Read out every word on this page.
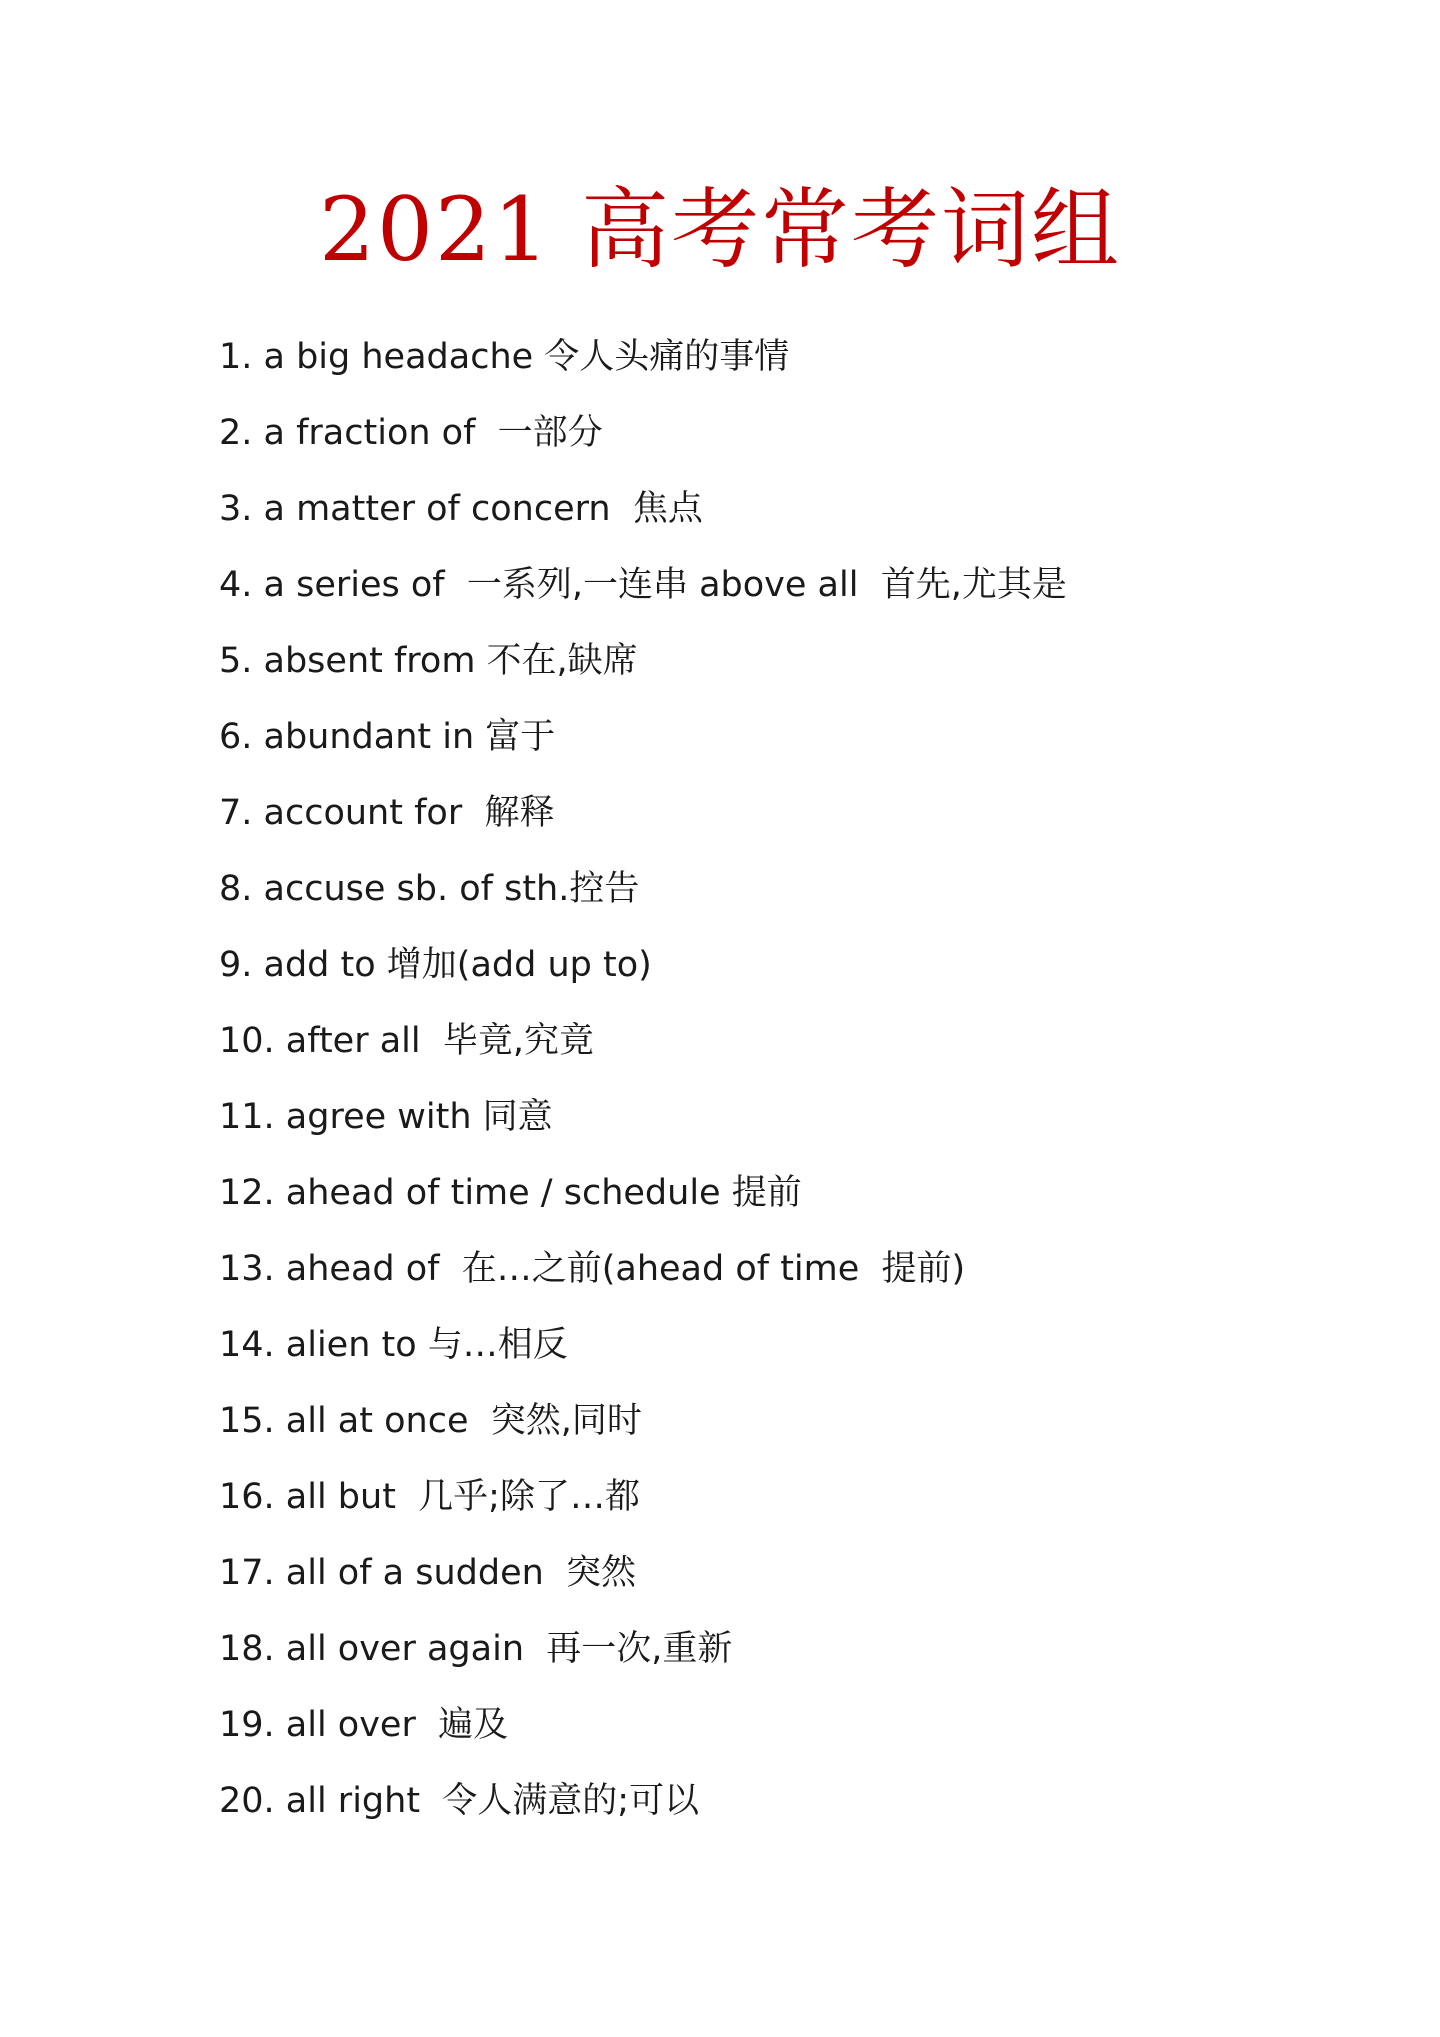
2021 高考常考词组
1. a big headache 令人头痛的事情
2. a fraction of  一部分
3. a matter of concern  焦点
4. a series of  一系列,一连串 above all  首先,尤其是
5. absent from 不在,缺席
6. abundant in 富于
7. account for  解释
8. accuse sb. of sth.控告
9. add to 增加(add up to)
10. after all  毕竟,究竟
11. agree with 同意
12. ahead of time / schedule 提前
13. ahead of  在…之前(ahead of time  提前)
14. alien to 与…相反
15. all at once  突然,同时
16. all but  几乎;除了…都
17. all of a sudden  突然
18. all over again  再一次,重新
19. all over  遍及
20. all right  令人满意的;可以
